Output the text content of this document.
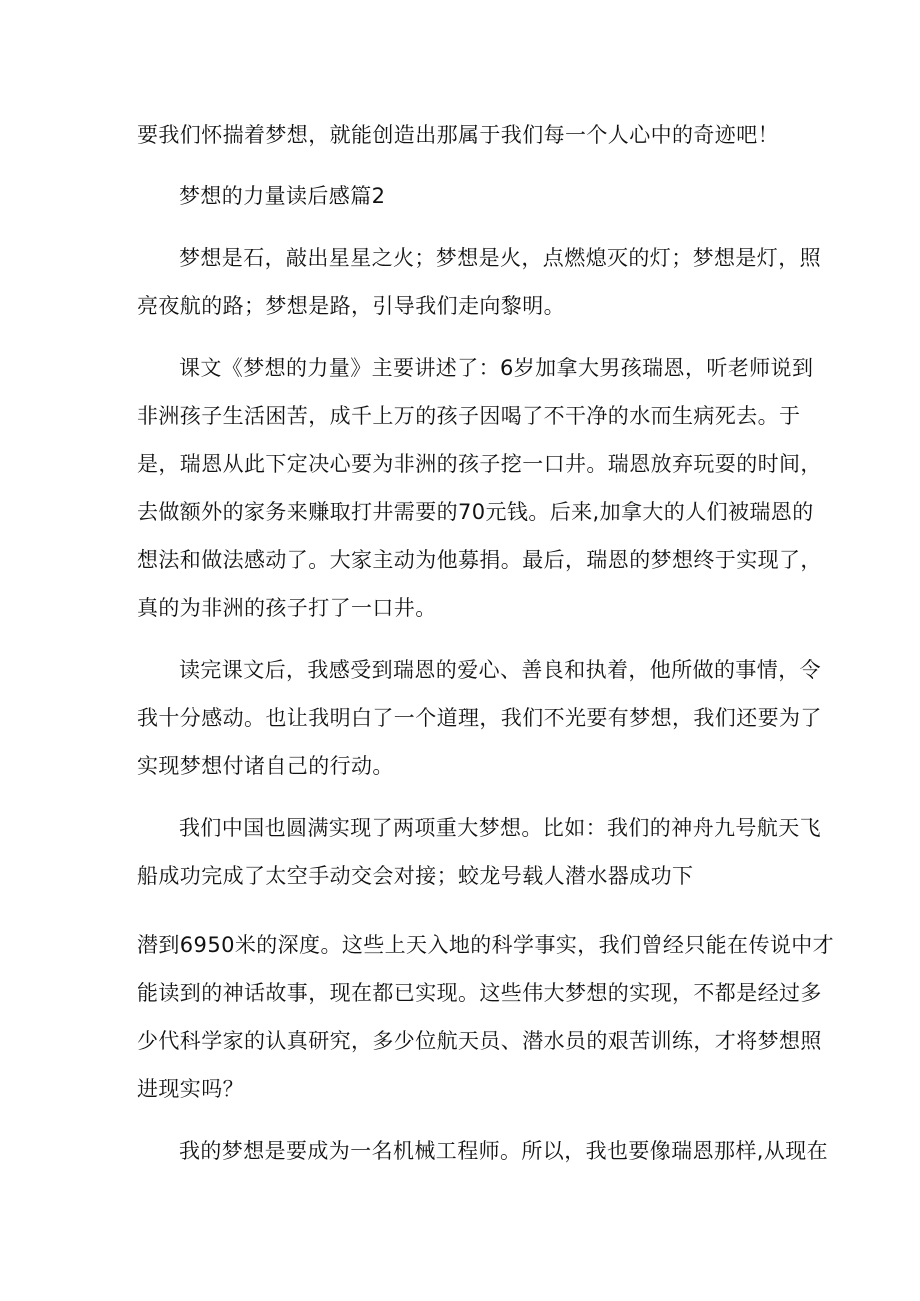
要我们怀揣着梦想，就能创造出那属于我们每一个人心中的奇迹吧！
梦想的力量读后感篇2
梦想是石，敲出星星之火；梦想是火，点燃熄灭的灯；梦想是灯，照
亮夜航的路；梦想是路，引导我们走向黎明。
课文《梦想的力量》主要讲述了：6岁加拿大男孩瑞恩，听老师说到
非洲孩子生活困苦，成千上万的孩子因喝了不干净的水而生病死去。于
是，瑞恩从此下定决心要为非洲的孩子挖一口井。瑞恩放弃玩耍的时间，
去做额外的家务来赚取打井需要的70元钱。后来,加拿大的人们被瑞恩的
想法和做法感动了。大家主动为他募捐。最后，瑞恩的梦想终于实现了，
真的为非洲的孩子打了一口井。
读完课文后，我感受到瑞恩的爱心、善良和执着，他所做的事情，令
我十分感动。也让我明白了一个道理，我们不光要有梦想，我们还要为了
实现梦想付诸自己的行动。
我们中国也圆满实现了两项重大梦想。比如：我们的神舟九号航天飞
船成功完成了太空手动交会对接；蛟龙号载人潜水器成功下
潜到6950米的深度。这些上天入地的科学事实，我们曾经只能在传说中才
能读到的神话故事，现在都已实现。这些伟大梦想的实现，不都是经过多
少代科学家的认真研究，多少位航天员、潜水员的艰苦训练，才将梦想照
进现实吗？
我的梦想是要成为一名机械工程师。所以，我也要像瑞恩那样,从现在
